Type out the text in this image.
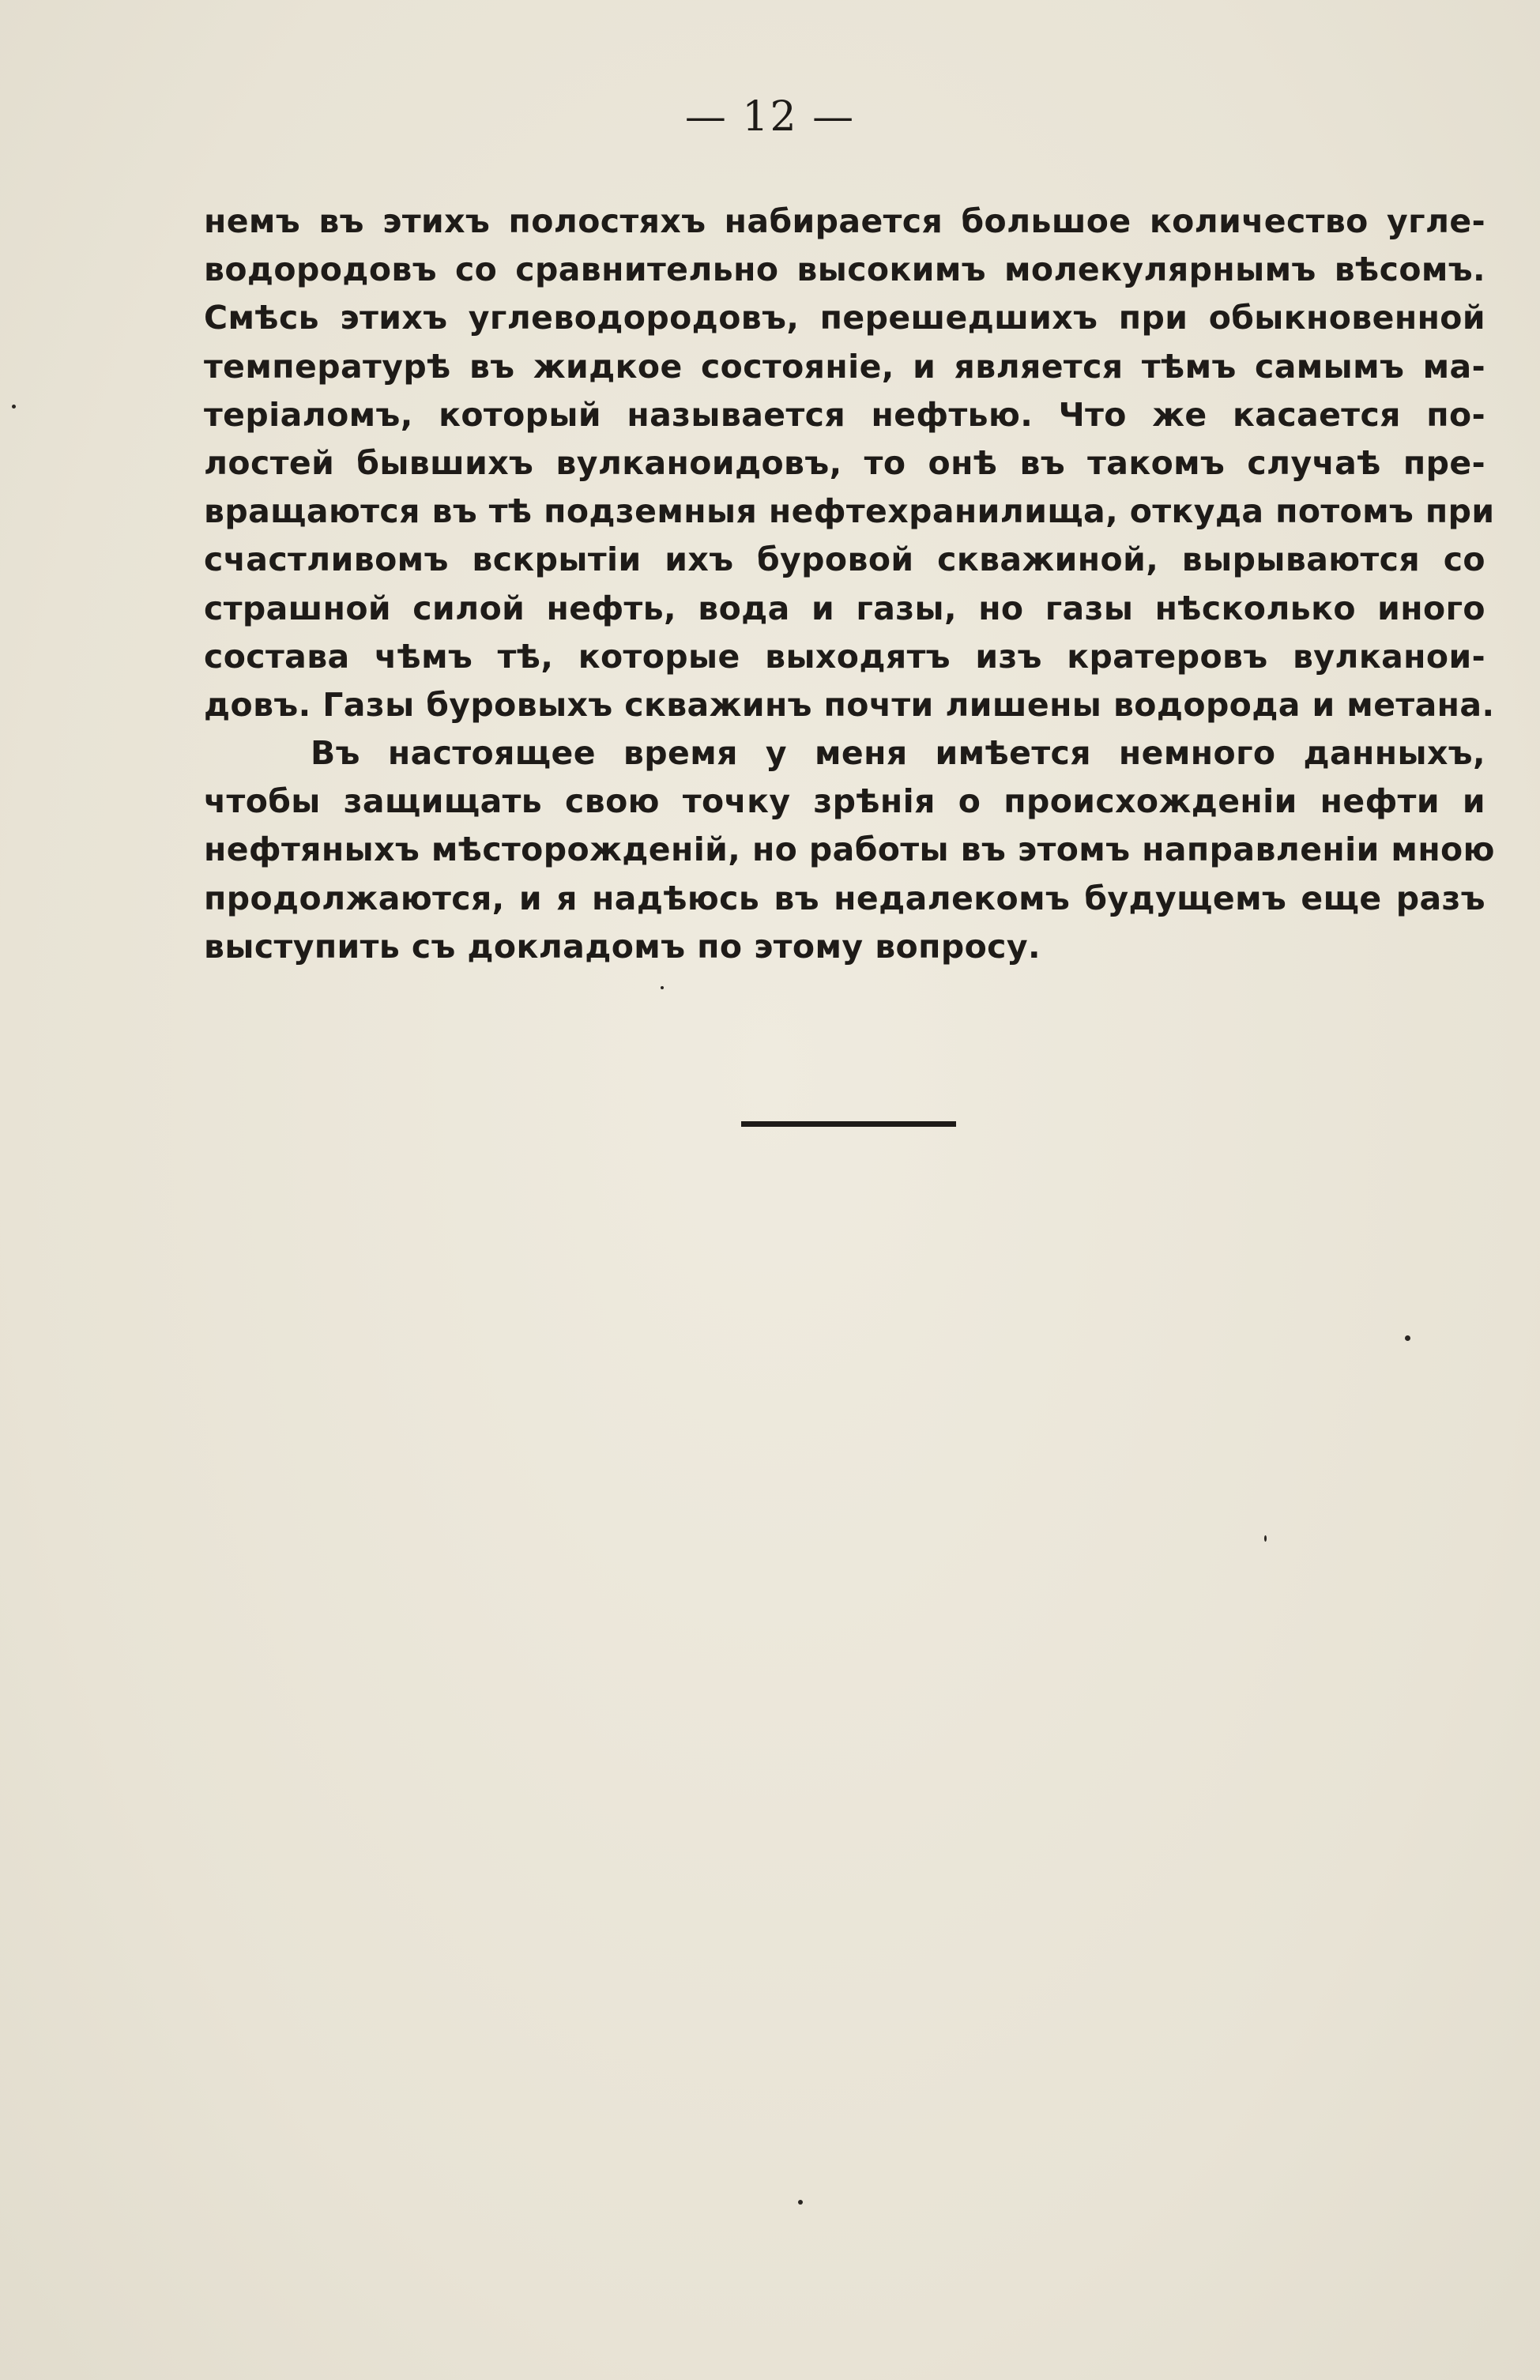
— 12 —
немъ въ этихъ полостяхъ набирается большое количество угле-
водородовъ со сравнительно высокимъ молекулярнымъ вѣсомъ.
Смѣсь этихъ углеводородовъ, перешедшихъ при обыкновенной
температурѣ въ жидкое состоянiе, и является тѣмъ самымъ ма-
терiаломъ, который называется нефтью. Что же касается по-
лостей бывшихъ вулканоидовъ, то онѣ въ такомъ случаѣ пре-
вращаются въ тѣ подземныя нефтехранилища, откуда потомъ при
счастливомъ вскрытiи ихъ буровой скважиной, вырываются со
страшной силой нефть, вода и газы, но газы нѣсколько иного
состава чѣмъ тѣ, которые выходятъ изъ кратеровъ вулканои-
довъ. Газы буровыхъ скважинъ почти лишены водорода и метана.
Въ настоящее время у меня имѣется немного данныхъ,
чтобы защищать свою точку зрѣнiя о происхожденiи нефти и
нефтяныхъ мѣсторожденiй, но работы въ этомъ направленiи мною
продолжаются, и я надѣюсь въ недалекомъ будущемъ еще разъ
выступить съ докладомъ по этому вопросу.
